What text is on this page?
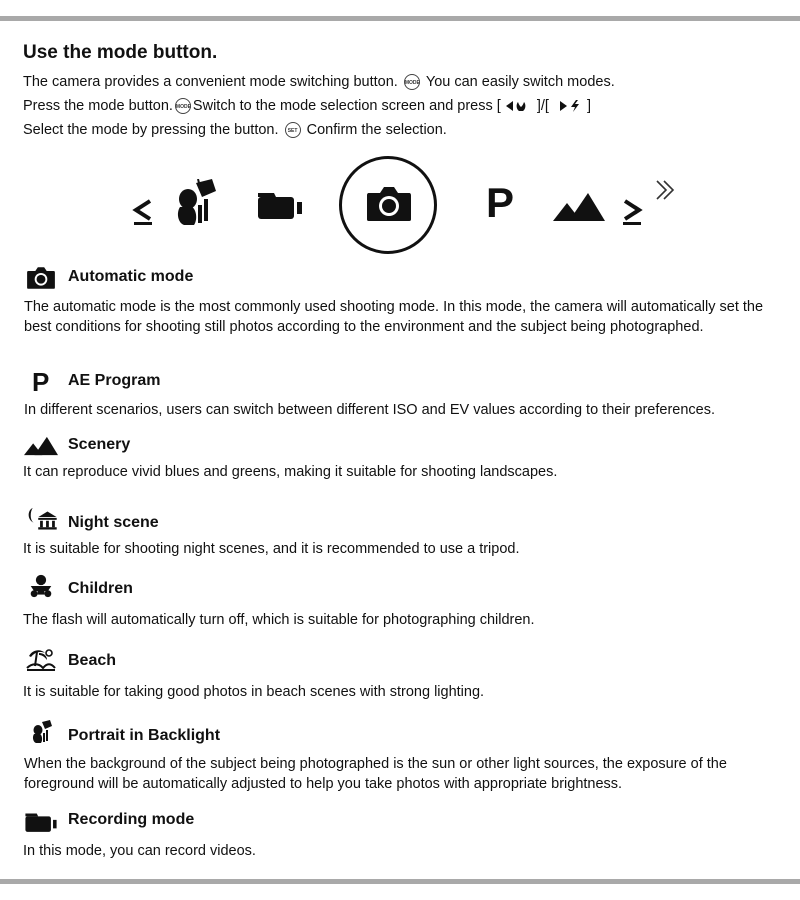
Use the mode button.
The camera provides a convenient mode switching button. MODE You can easily switch modes.
Press the mode button. MODE Switch to the mode selection screen and press [ ]/[	]
Select the mode by pressing the button. SET Confirm the selection.
P
Automatic mode

The automatic mode is the most commonly used shooting mode. In this mode, the camera will automatically set the best conditions for shooting still photos according to the environment and the subject being photographed.

P	AE Program

In different scenarios, users can switch between different ISO and EV values according to their preferences.

Scenery

It can reproduce vivid blues and greens, making it suitable for shooting landscapes.

Night scene

It is suitable for shooting night scenes, and it is recommended to use a tripod.

Children

The flash will automatically turn off, which is suitable for photographing children.

Beach

It is suitable for taking good photos in beach scenes with strong lighting.

Portrait in Backlight

When the background of the subject being photographed is the sun or other light sources, the exposure of the foreground will be automatically adjusted to help you take photos with appropriate brightness.

Recording mode

In this mode, you can record videos.
